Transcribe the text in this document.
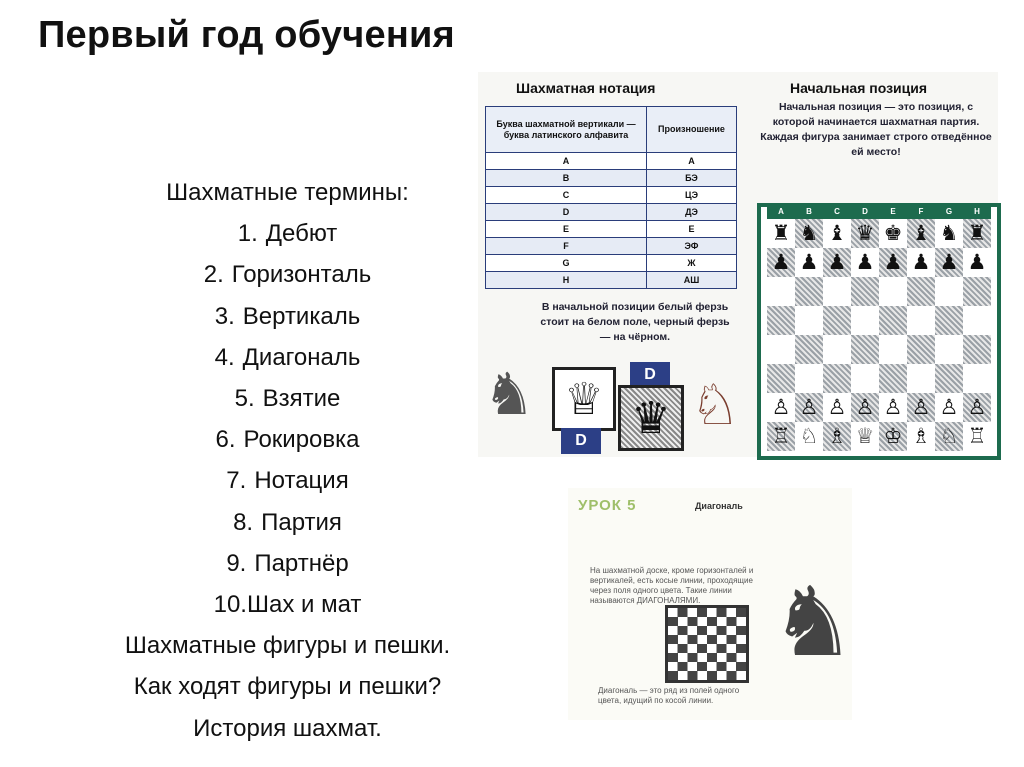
Первый год обучения
Шахматные термины:
1. Дебют
2. Горизонталь
3. Вертикаль
4. Диагональ
5. Взятие
6. Рокировка
7. Нотация
8. Партия
9. Партнёр
10.Шах и мат
Шахматные фигуры и пешки.
Как ходят фигуры и пешки?
История шахмат.
Шахматная нотация	Начальная позиция
Буква шахматной вертикали — буква латинского алфавита	Произношение
A	А
B	БЭ
C	ЦЭ
D	ДЭ
E	Е
F	ЭФ
G	Ж
H	АШ
Начальная позиция — это позиция, с которой начинается шахматная партия. Каждая фигура занимает строго отведённое ей место!
В начальной позиции белый ферзь стоит на белом поле, черный ферзь — на чёрном.
♕
D
D
♛
♞	♘
A	B	C	D	E	F	G	H
♜ ♞ ♝ ♛ ♚ ♝ ♞ ♜
♟ ♟ ♟ ♟ ♟ ♟ ♟ ♟
♙ ♙ ♙ ♙ ♙ ♙ ♙ ♙
♖ ♘ ♗ ♕ ♔ ♗ ♘ ♖
УРОК 5	Диагональ
На шахматной доске, кроме горизонталей и вертикалей, есть косые линии, проходящие через поля одного цвета. Такие линии называются ДИАГОНАЛЯМИ.
Диагональ — это ряд из полей одного цвета, идущий по косой линии.
♞
